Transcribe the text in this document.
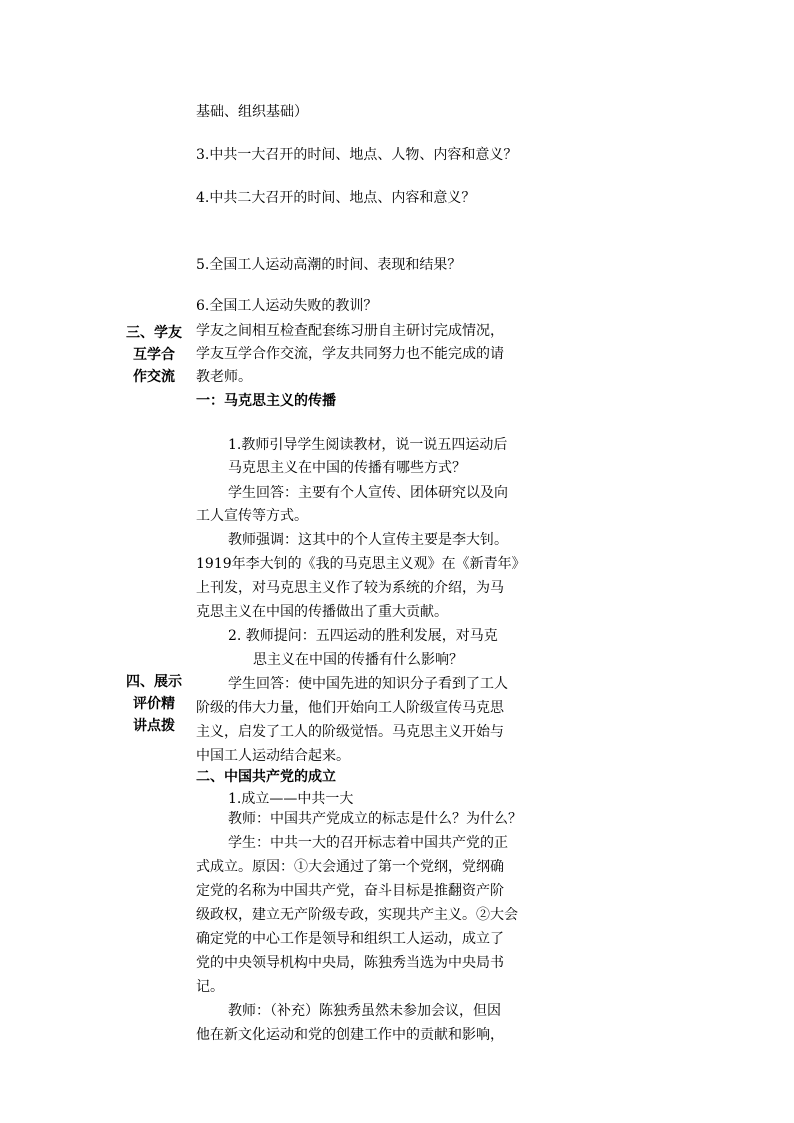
三、学友
互学合
作交流
四、展示
评价精
讲点拨
基础、组织基础）
3.中共一大召开的时间、地点、人物、内容和意义？
4.中共二大召开的时间、地点、内容和意义？
5.全国工人运动高潮的时间、表现和结果？
6.全国工人运动失败的教训？
学友之间相互检查配套练习册自主研讨完成情况，
学友互学合作交流，学友共同努力也不能完成的请
教老师。
一：马克思主义的传播
1.教师引导学生阅读教材，说一说五四运动后
马克思主义在中国的传播有哪些方式？
学生回答：主要有个人宣传、团体研究以及向
工人宣传等方式。
教师强调：这其中的个人宣传主要是李大钊。
1919年李大钊的《我的马克思主义观》在《新青年》
上刊发，对马克思主义作了较为系统的介绍，为马
克思主义在中国的传播做出了重大贡献。
2. 教师提问：五四运动的胜利发展，对马克
思主义在中国的传播有什么影响？
学生回答：使中国先进的知识分子看到了工人
阶级的伟大力量，他们开始向工人阶级宣传马克思
主义，启发了工人的阶级觉悟。马克思主义开始与
中国工人运动结合起来。
二、中国共产党的成立
1.成立——中共一大
教师：中国共产党成立的标志是什么？为什么？
学生：中共一大的召开标志着中国共产党的正
式成立。原因：①大会通过了第一个党纲，党纲确
定党的名称为中国共产党，奋斗目标是推翻资产阶
级政权，建立无产阶级专政，实现共产主义。②大会
确定党的中心工作是领导和组织工人运动，成立了
党的中央领导机构中央局，陈独秀当选为中央局书
记。
教师：（补充）陈独秀虽然未参加会议，但因
他在新文化运动和党的创建工作中的贡献和影响，
